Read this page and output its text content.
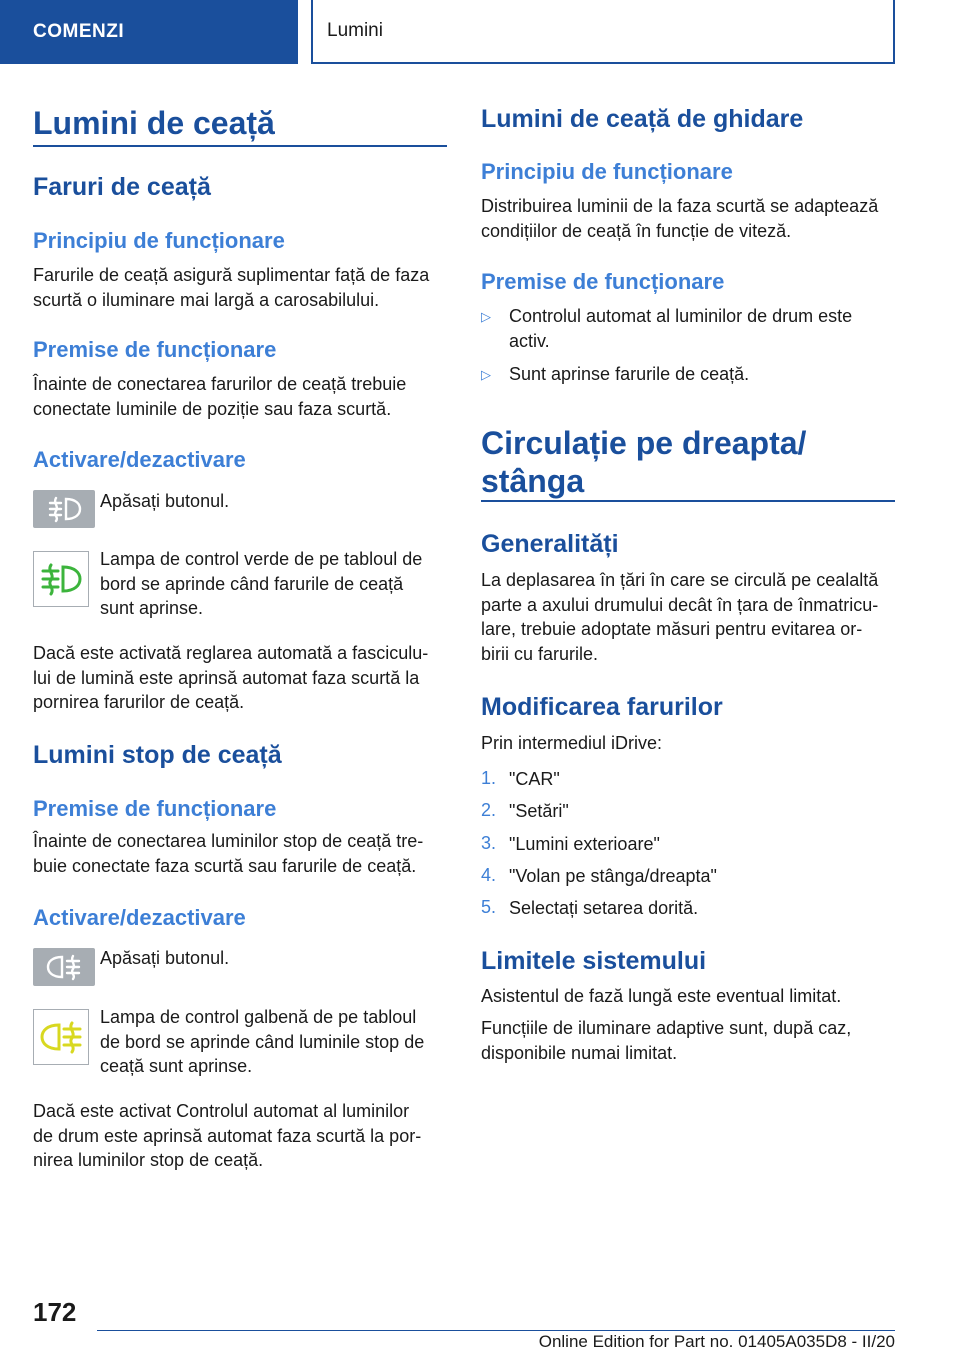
COMENZI	Lumini
Lumini de ceață
Faruri de ceață
Principiu de funcționare
Farurile de ceață asigură suplimentar față de faza
scurtă o iluminare mai largă a carosabilului.
Premise de funcționare
Înainte de conectarea farurilor de ceață trebuie
conectate luminile de poziție sau faza scurtă.
Activare/dezactivare
Apăsați butonul.
Lampa de control verde de pe tabloul de
bord se aprinde când farurile de ceață
sunt aprinse.
Dacă este activată reglarea automată a fasciculu‐
lui de lumină este aprinsă automat faza scurtă la
pornirea farurilor de ceață.
Lumini stop de ceață
Premise de funcționare
Înainte de conectarea luminilor stop de ceață tre‐
buie conectate faza scurtă sau farurile de ceață.
Activare/dezactivare
Apăsați butonul.
Lampa de control galbenă de pe tabloul
de bord se aprinde când luminile stop de
ceață sunt aprinse.
Dacă este activat Controlul automat al luminilor
de drum este aprinsă automat faza scurtă la por‐
nirea luminilor stop de ceață.
Lumini de ceață de ghidare
Principiu de funcționare
Distribuirea luminii de la faza scurtă se adaptează
condițiilor de ceață în funcție de viteză.
Premise de funcționare
▷ Controlul automat al luminilor de drum este
activ.
▷ Sunt aprinse farurile de ceață.
Circulație pe dreapta/
stânga
Generalități
La deplasarea în țări în care se circulă pe cealaltă
parte a axului drumului decât în țara de înmatricu‐
lare, trebuie adoptate măsuri pentru evitarea or‐
birii cu farurile.
Modificarea farurilor
Prin intermediul iDrive:
1. "CAR"
2. "Setări"
3. "Lumini exterioare"
4. "Volan pe stânga/dreapta"
5. Selectați setarea dorită.
Limitele sistemului
Asistentul de fază lungă este eventual limitat.
Funcțiile de iluminare adaptive sunt, după caz,
disponibile numai limitat.
172
Online Edition for Part no. 01405A035D8 - II/20
